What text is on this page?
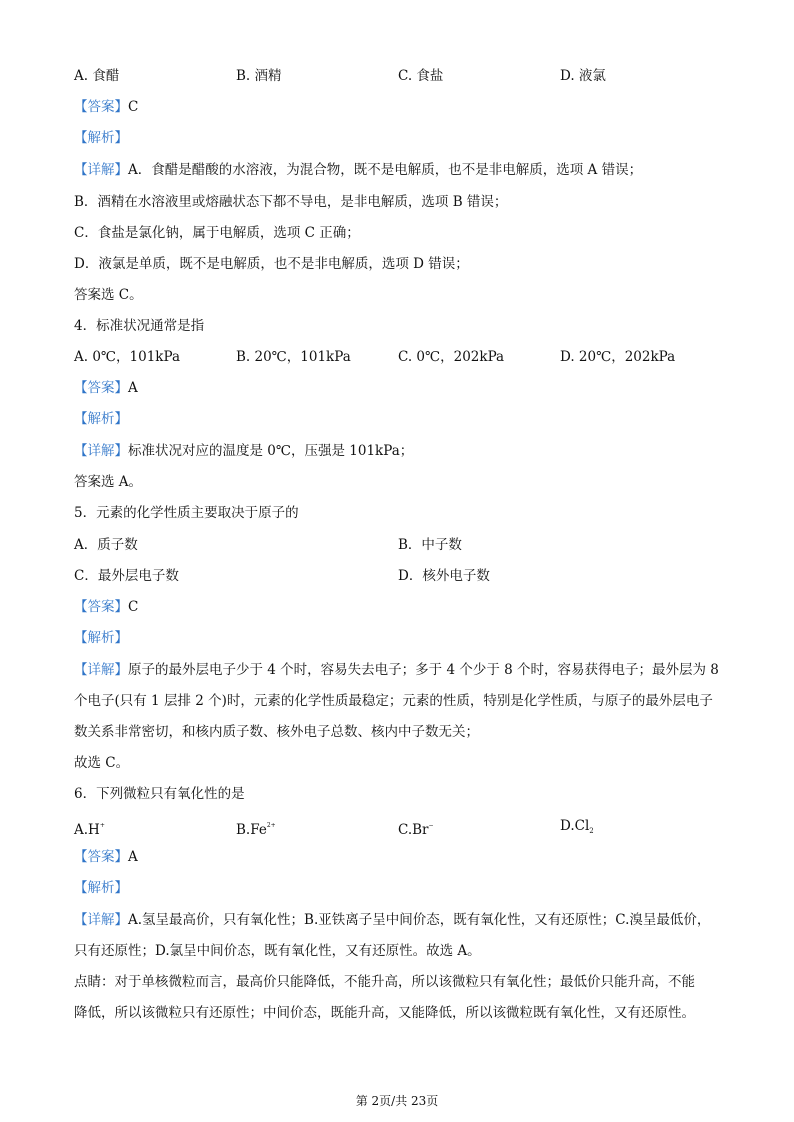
A. 食醋	B. 酒精	C. 食盐	D. 液氯
【答案】C
【解析】
【详解】A．食醋是醋酸的水溶液，为混合物，既不是电解质，也不是非电解质，选项 A 错误；
B．酒精在水溶液里或熔融状态下都不导电，是非电解质，选项 B 错误；
C．食盐是氯化钠，属于电解质，选项 C 正确；
D．液氯是单质，既不是电解质，也不是非电解质，选项 D 错误；
答案选 C。
4．标准状况通常是指
A. 0℃，101kPa	B. 20℃，101kPa	C. 0℃，202kPa	D. 20℃，202kPa
【答案】A
【解析】
【详解】标准状况对应的温度是 0℃，压强是 101kPa；
答案选 A。
5．元素的化学性质主要取决于原子的
A．质子数	B．中子数
C．最外层电子数	D．核外电子数
【答案】C
【解析】
【详解】原子的最外层电子少于 4 个时，容易失去电子；多于 4 个少于 8 个时，容易获得电子；最外层为 8
个电子(只有 1 层排 2 个)时，元素的化学性质最稳定；元素的性质，特别是化学性质，与原子的最外层电子
数关系非常密切，和核内质子数、核外电子总数、核内中子数无关；
故选 C。
6．下列微粒只有氧化性的是
A.H+	$B.Fe^{2+}$	C.Br−	$D.Cl_2$
【答案】A
【解析】
【详解】A.氢呈最高价，只有氧化性；B.亚铁离子呈中间价态，既有氧化性，又有还原性；C.溴呈最低价，
只有还原性；D.氯呈中间价态，既有氧化性，又有还原性。故选 A。
点睛：对于单核微粒而言，最高价只能降低，不能升高，所以该微粒只有氧化性；最低价只能升高，不能
降低，所以该微粒只有还原性；中间价态，既能升高，又能降低，所以该微粒既有氧化性，又有还原性。
第 2页/共 23页
